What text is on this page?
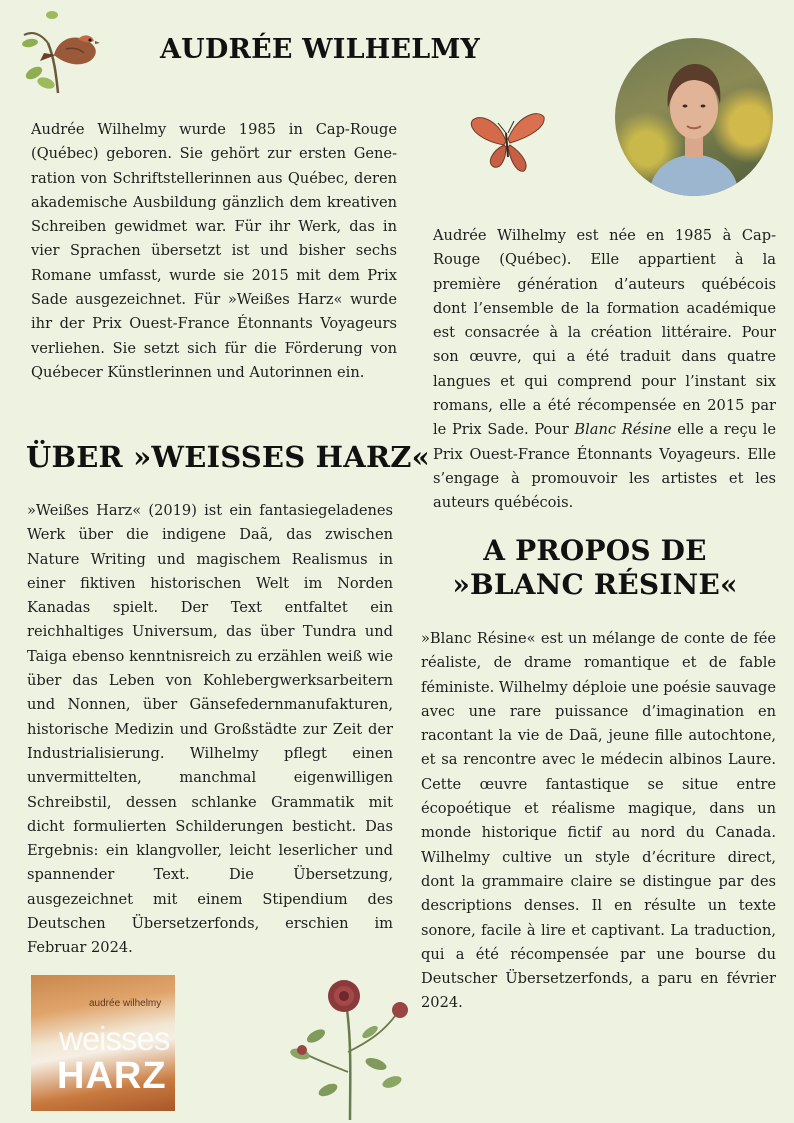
AUDRÉE WILHELMY

Audrée Wilhelmy wurde 1985 in Cap-Rouge (Québec) geboren. Sie gehört zur ersten Generation von Schriftstellerinnen aus Québec, deren akademische Ausbildung gänzlich dem kreativen Schreiben gewidmet war. Für ihr Werk, das in vier Sprachen übersetzt ist und bisher sechs Romane umfasst, wurde sie 2015 mit dem Prix Sade ausgezeichnet. Für »Weißes Harz« wurde ihr der Prix Ouest-France Étonnants Voyageurs verliehen. Sie setzt sich für die Förderung von Québecer Künstlerinnen und Autorinnen ein.

ÜBER »WEISSES HARZ«

»Weißes Harz« (2019) ist ein fantasiegeladenes Werk über die indigene Daã, das zwischen Nature Writing und magischem Realismus in einer fiktiven historischen Welt im Norden Kanadas spielt. Der Text entfaltet ein reichhaltiges Universum, das über Tundra und Taiga ebenso kenntnisreich zu erzählen weiß wie über das Leben von Kohlebergwerksarbeitern und Nonnen, über Gänsefedernmanufakturen, historische Medizin und Großstädte zur Zeit der Industrialisierung. Wilhelmy pflegt einen unvermittelten, manchmal eigenwilligen Schreibstil, dessen schlanke Grammatik mit dicht formulierten Schilderungen besticht. Das Ergebnis: ein klangvoller, leicht leserlicher und spannender Text. Die Übersetzung, ausgezeichnet mit einem Stipendium des Deutschen Übersetzerfonds, erschien im Februar 2024.

Audrée Wilhelmy est née en 1985 à Cap-Rouge (Québec). Elle appartient à la première génération d’auteurs québécois dont l’ensemble de la formation académique est consacrée à la création littéraire. Pour son œuvre, qui a été traduit dans quatre langues et qui comprend pour l’instant six romans, elle a été récompensée en 2015 par le Prix Sade. Pour Blanc Résine elle a reçu le Prix Ouest-France Étonnants Voyageurs. Elle s’engage à promouvoir les artistes et les auteurs québécois.

A PROPOS DE
»BLANC RÉSINE«

»Blanc Résine« est un mélange de conte de fée réaliste, de drame romantique et de fable féministe. Wilhelmy déploie une poésie sauvage avec une rare puissance d’imagination en racontant la vie de Daã, jeune fille autochtone, et sa rencontre avec le médecin albinos Laure. Cette œuvre fantastique se situe entre écopoétique et réalisme magique, dans un monde historique fictif au nord du Canada. Wilhelmy cultive un style d’écriture direct, dont la grammaire claire se distingue par des descriptions denses. Il en résulte un texte sonore, facile à lire et captivant. La traduction, qui a été récompensée par une bourse du Deutscher Übersetzerfonds, a paru en février 2024.

audrée wilhelmy
weisses
HARZ
